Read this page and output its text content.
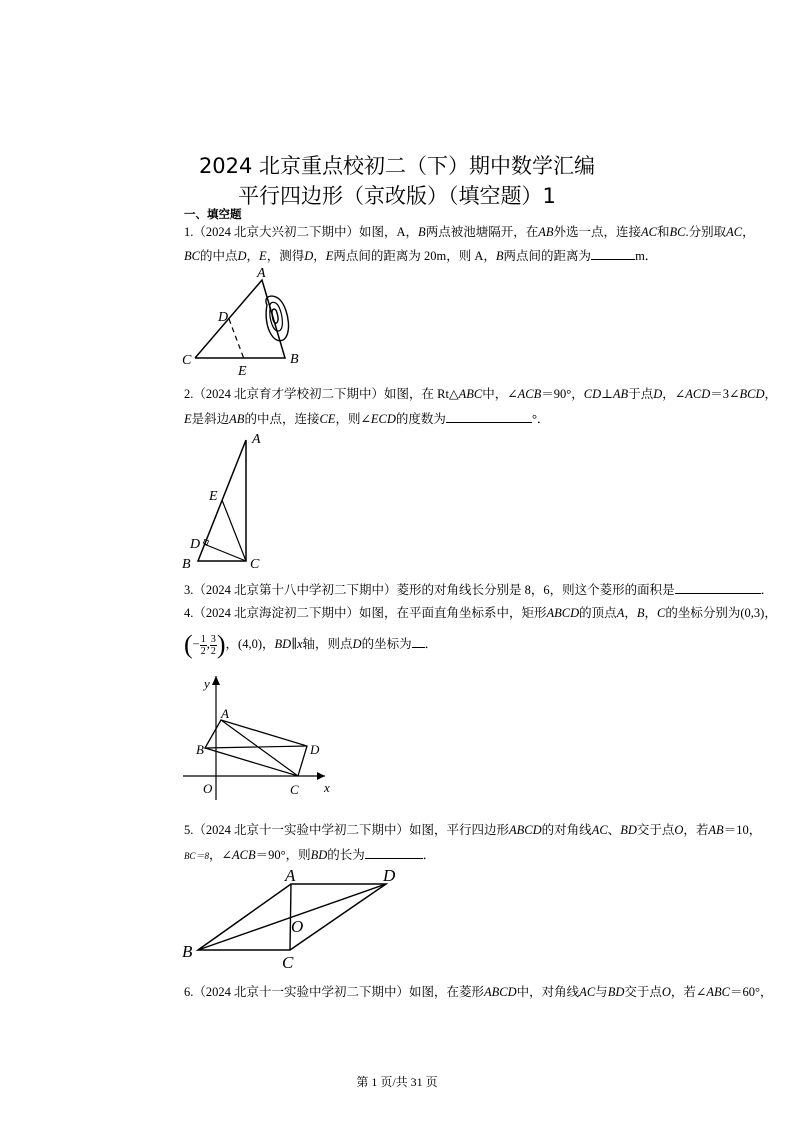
2024 北京重点校初二（下）期中数学汇编
平行四边形（京改版）（填空题）1
一、填空题
1.（2024 北京大兴初二下期中）如图，A，B两点被池塘隔开，在AB外选一点，连接AC和BC.分别取AC，
BC的中点D，E，测得D，E两点间的距离为 20m，则 A，B两点间的距离为	m．
A
B
C
D
E
2.（2024 北京育才学校初二下期中）如图，在 Rt△ABC中，∠ACB＝90°，CD⊥AB于点D，∠ACD＝3∠BCD，
E是斜边AB的中点，连接CE，则∠ECD的度数为	°．
A
B	C
D
E
3.（2024 北京第十八中学初二下期中）菱形的对角线长分别是 8，6，则这个菱形的面积是	．
4.（2024 北京海淀初二下期中）如图，在平面直角坐标系中，矩形ABCD的顶点A，B，C的坐标分别为(0,3)，
(− $\frac{1}{2}$ , $\frac{3}{2}$ )，(4,0)，BD∥x轴，则点D的坐标为 ．
y
x
O
A
B
C
D
5.（2024 北京十一实验中学初二下期中）如图，平行四边形ABCD的对角线AC、BD交于点O，若AB＝10，
BC＝8，∠ACB＝90°，则BD的长为	．
A	D
B
C
O
6.（2024 北京十一实验中学初二下期中）如图，在菱形ABCD中，对角线AC与BD交于点O，若∠ABC＝60°，
第 1 页/共 31 页
